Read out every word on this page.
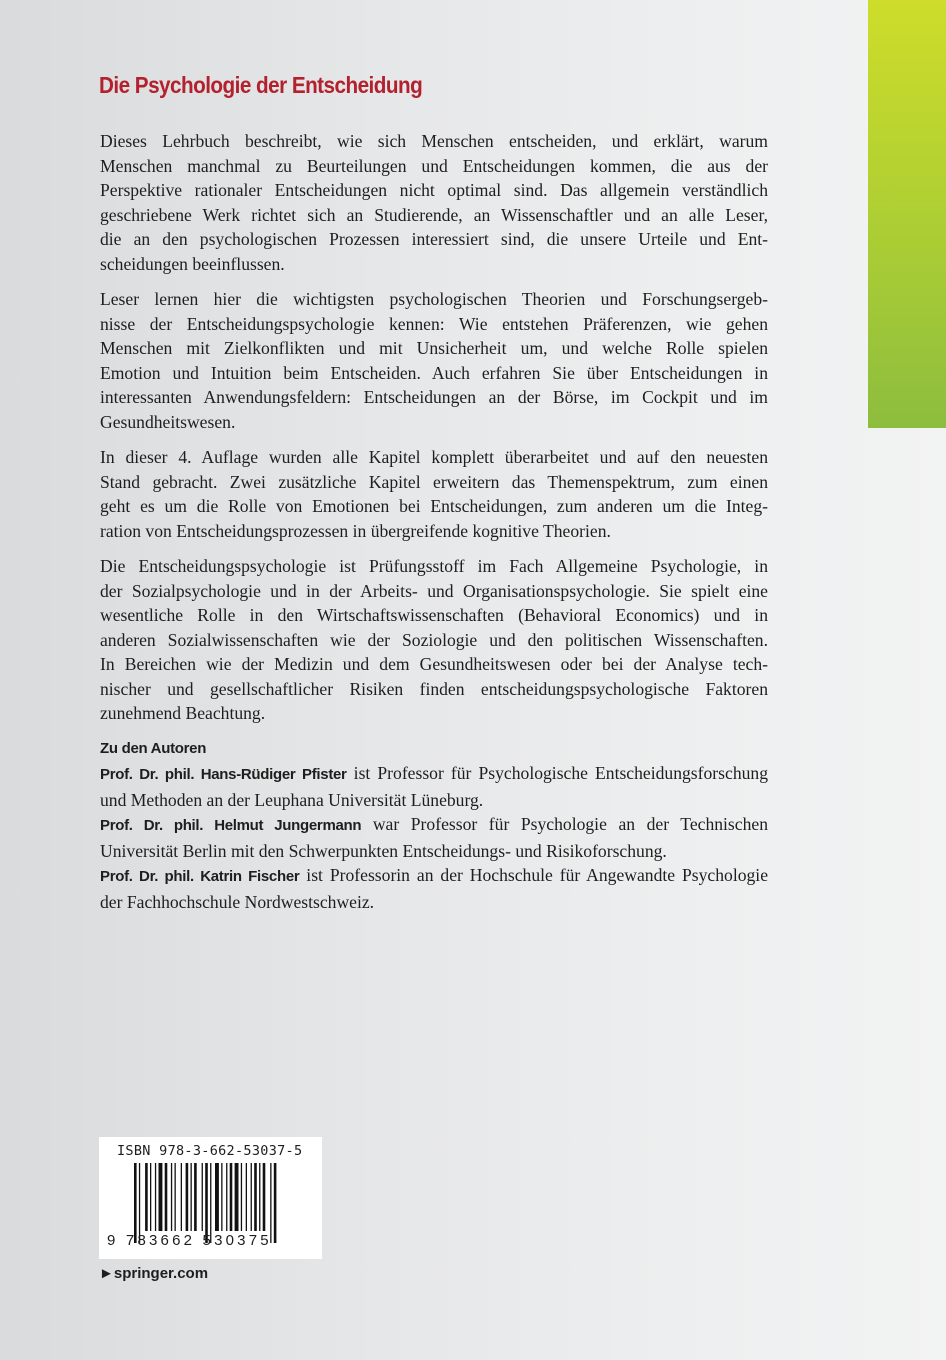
Die Psychologie der Entscheidung
Dieses Lehrbuch beschreibt, wie sich Menschen entscheiden, und erklärt, warum
Menschen manchmal zu Beurteilungen und Entscheidungen kommen, die aus der
Perspektive rationaler Entscheidungen nicht optimal sind. Das allgemein verständlich
geschriebene Werk richtet sich an Studierende, an Wissenschaftler und an alle Leser,
die an den psychologischen Prozessen interessiert sind, die unsere Urteile und Ent-
scheidungen beeinflussen.
Leser lernen hier die wichtigsten psychologischen Theorien und Forschungsergeb-
nisse der Entscheidungspsychologie kennen: Wie entstehen Präferenzen, wie gehen
Menschen mit Zielkonflikten und mit Unsicherheit um, und welche Rolle spielen
Emotion und Intuition beim Entscheiden. Auch erfahren Sie über Entscheidungen in
interessanten Anwendungsfeldern: Entscheidungen an der Börse, im Cockpit und im
Gesundheitswesen.
In dieser 4. Auflage wurden alle Kapitel komplett überarbeitet und auf den neuesten
Stand gebracht. Zwei zusätzliche Kapitel erweitern das Themenspektrum, zum einen
geht es um die Rolle von Emotionen bei Entscheidungen, zum anderen um die Integ-
ration von Entscheidungsprozessen in übergreifende kognitive Theorien.
Die Entscheidungspsychologie ist Prüfungsstoff im Fach Allgemeine Psychologie, in
der Sozialpsychologie und in der Arbeits- und Organisationspsychologie. Sie spielt eine
wesentliche Rolle in den Wirtschaftswissenschaften (Behavioral Economics) und in
anderen Sozialwissenschaften wie der Soziologie und den politischen Wissenschaften.
In Bereichen wie der Medizin und dem Gesundheitswesen oder bei der Analyse tech-
nischer und gesellschaftlicher Risiken finden entscheidungspsychologische Faktoren
zunehmend Beachtung.
Zu den Autoren
Prof. Dr. phil. Hans-Rüdiger Pfister ist Professor für Psychologische Entscheidungsforschung
und Methoden an der Leuphana Universität Lüneburg.
Prof. Dr. phil. Helmut Jungermann war Professor für Psychologie an der Technischen
Universität Berlin mit den Schwerpunkten Entscheidungs- und Risikoforschung.
Prof. Dr. phil. Katrin Fischer ist Professorin an der Hochschule für Angewandte Psychologie
der Fachhochschule Nordwestschweiz.
ISBN 978-3-662-53037-5
9 783662 530375
►springer.com
